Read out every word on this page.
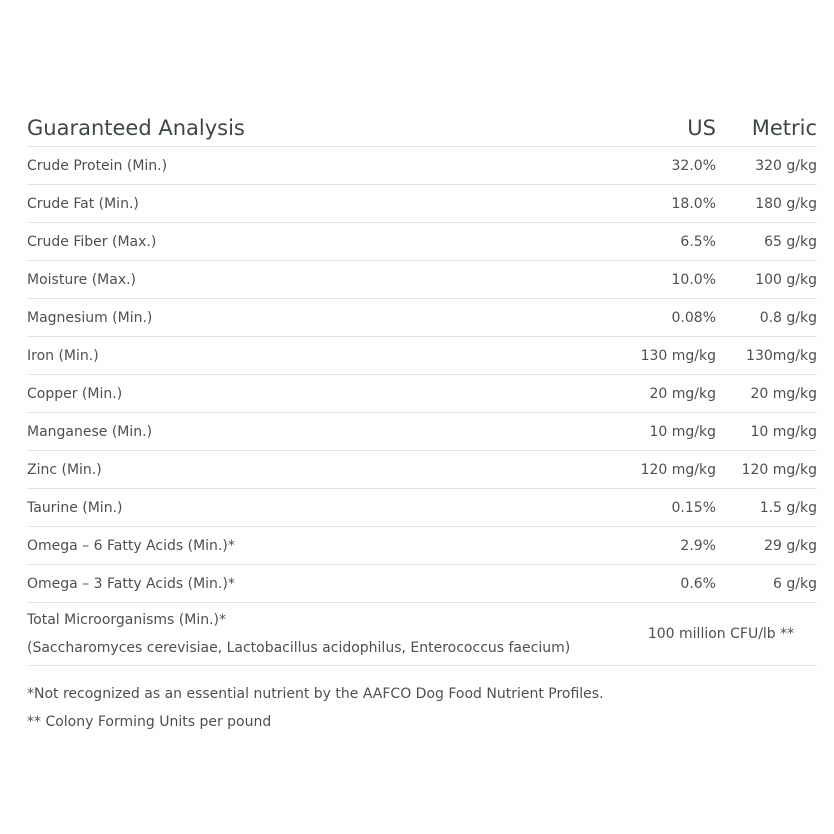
Guaranteed Analysis	US	Metric
Crude Protein (Min.)	32.0%	320 g/kg
Crude Fat (Min.)	18.0%	180 g/kg
Crude Fiber (Max.)	6.5%	65 g/kg
Moisture (Max.)	10.0%	100 g/kg
Magnesium (Min.)	0.08%	0.8 g/kg
Iron (Min.)	130 mg/kg	130mg/kg
Copper (Min.)	20 mg/kg	20 mg/kg
Manganese (Min.)	10 mg/kg	10 mg/kg
Zinc (Min.)	120 mg/kg	120 mg/kg
Taurine (Min.)	0.15%	1.5 g/kg
Omega – 6 Fatty Acids (Min.)*	2.9%	29 g/kg
Omega – 3 Fatty Acids (Min.)*	0.6%	6 g/kg

Total Microorganisms (Min.)*
(Saccharomyces cerevisiae, Lactobacillus acidophilus, Enterococcus faecium)	100 million CFU/lb **	

*Not recognized as an essential nutrient by the AAFCO Dog Food Nutrient Profiles.

** Colony Forming Units per pound
